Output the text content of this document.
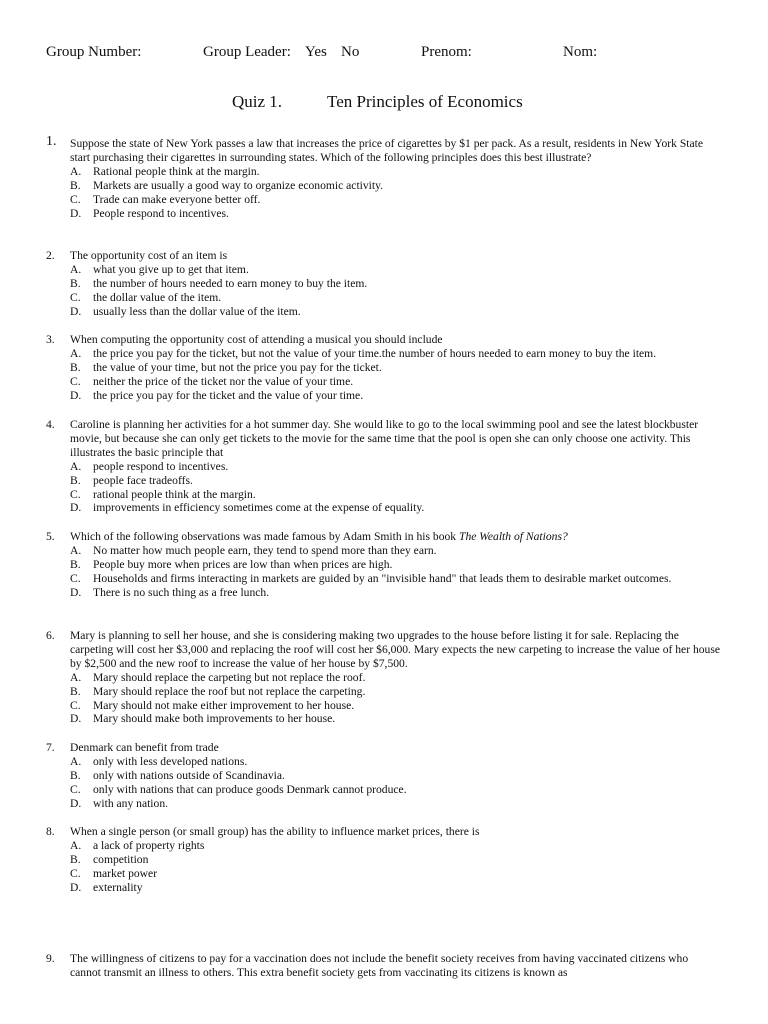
Group Number:	Group Leader: Yes No	Prenom:	Nom:
Quiz 1.	Ten Principles of Economics
1. Suppose the state of New York passes a law that increases the price of cigarettes by $1 per pack. As a result, residents in New York State start purchasing their cigarettes in surrounding states. Which of the following principles does this best illustrate?
A. Rational people think at the margin.
B. Markets are usually a good way to organize economic activity.
C. Trade can make everyone better off.
D. People respond to incentives.
2. The opportunity cost of an item is
A. what you give up to get that item.
B. the number of hours needed to earn money to buy the item.
C. the dollar value of the item.
D. usually less than the dollar value of the item.
3. When computing the opportunity cost of attending a musical you should include
A. the price you pay for the ticket, but not the value of your time.the number of hours needed to earn money to buy the item.
B. the value of your time, but not the price you pay for the ticket.
C. neither the price of the ticket nor the value of your time.
D. the price you pay for the ticket and the value of your time.
4. Caroline is planning her activities for a hot summer day. She would like to go to the local swimming pool and see the latest blockbuster movie, but because she can only get tickets to the movie for the same time that the pool is open she can only choose one activity. This illustrates the basic principle that
A. people respond to incentives.
B. people face tradeoffs.
C. rational people think at the margin.
D. improvements in efficiency sometimes come at the expense of equality.
5. Which of the following observations was made famous by Adam Smith in his book The Wealth of Nations?
A. No matter how much people earn, they tend to spend more than they earn.
B. People buy more when prices are low than when prices are high.
C. Households and firms interacting in markets are guided by an "invisible hand" that leads them to desirable market outcomes.
D. There is no such thing as a free lunch.
6. Mary is planning to sell her house, and she is considering making two upgrades to the house before listing it for sale. Replacing the carpeting will cost her $3,000 and replacing the roof will cost her $6,000. Mary expects the new carpeting to increase the value of her house by $2,500 and the new roof to increase the value of her house by $7,500.
A. Mary should replace the carpeting but not replace the roof.
B. Mary should replace the roof but not replace the carpeting.
C. Mary should not make either improvement to her house.
D. Mary should make both improvements to her house.
7. Denmark can benefit from trade
A. only with less developed nations.
B. only with nations outside of Scandinavia.
C. only with nations that can produce goods Denmark cannot produce.
D. with any nation.
8. When a single person (or small group) has the ability to influence market prices, there is
A. a lack of property rights
B. competition
C. market power
D. externality
9. The willingness of citizens to pay for a vaccination does not include the benefit society receives from having vaccinated citizens who cannot transmit an illness to others. This extra benefit society gets from vaccinating its citizens is known as
